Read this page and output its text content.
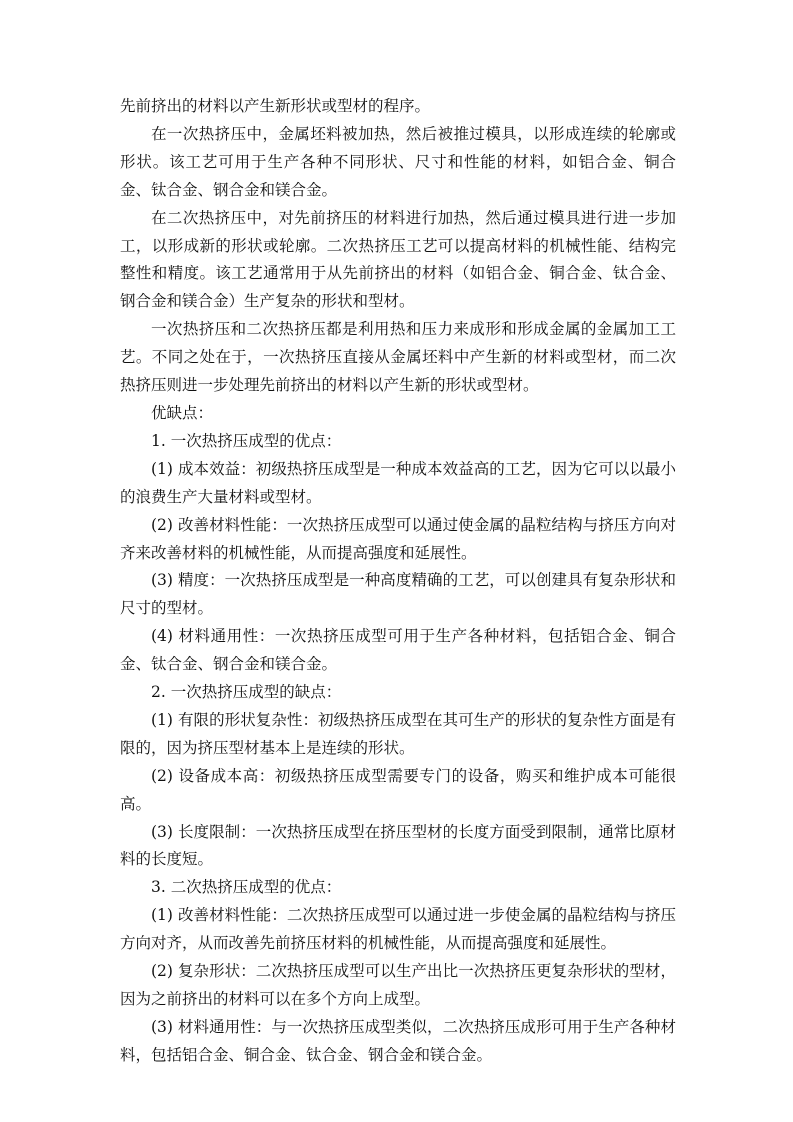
先前挤出的材料以产生新形状或型材的程序。

在一次热挤压中，金属坯料被加热，然后被推过模具，以形成连续的轮廓或形状。该工艺可用于生产各种不同形状、尺寸和性能的材料，如铝合金、铜合金、钛合金、钢合金和镁合金。

在二次热挤压中，对先前挤压的材料进行加热，然后通过模具进行进一步加工，以形成新的形状或轮廓。二次热挤压工艺可以提高材料的机械性能、结构完整性和精度。该工艺通常用于从先前挤出的材料（如铝合金、铜合金、钛合金、钢合金和镁合金）生产复杂的形状和型材。

一次热挤压和二次热挤压都是利用热和压力来成形和形成金属的金属加工工艺。不同之处在于，一次热挤压直接从金属坯料中产生新的材料或型材，而二次热挤压则进一步处理先前挤出的材料以产生新的形状或型材。

优缺点：

1. 一次热挤压成型的优点：

(1) 成本效益：初级热挤压成型是一种成本效益高的工艺，因为它可以以最小的浪费生产大量材料或型材。

(2) 改善材料性能：一次热挤压成型可以通过使金属的晶粒结构与挤压方向对齐来改善材料的机械性能，从而提高强度和延展性。

(3) 精度：一次热挤压成型是一种高度精确的工艺，可以创建具有复杂形状和尺寸的型材。

(4) 材料通用性：一次热挤压成型可用于生产各种材料，包括铝合金、铜合金、钛合金、钢合金和镁合金。

2. 一次热挤压成型的缺点：

(1) 有限的形状复杂性：初级热挤压成型在其可生产的形状的复杂性方面是有限的，因为挤压型材基本上是连续的形状。

(2) 设备成本高：初级热挤压成型需要专门的设备，购买和维护成本可能很高。

(3) 长度限制：一次热挤压成型在挤压型材的长度方面受到限制，通常比原材料的长度短。

3. 二次热挤压成型的优点：

(1) 改善材料性能：二次热挤压成型可以通过进一步使金属的晶粒结构与挤压方向对齐，从而改善先前挤压材料的机械性能，从而提高强度和延展性。

(2) 复杂形状：二次热挤压成型可以生产出比一次热挤压更复杂形状的型材，因为之前挤出的材料可以在多个方向上成型。

(3) 材料通用性：与一次热挤压成型类似，二次热挤压成形可用于生产各种材料，包括铝合金、铜合金、钛合金、钢合金和镁合金。
